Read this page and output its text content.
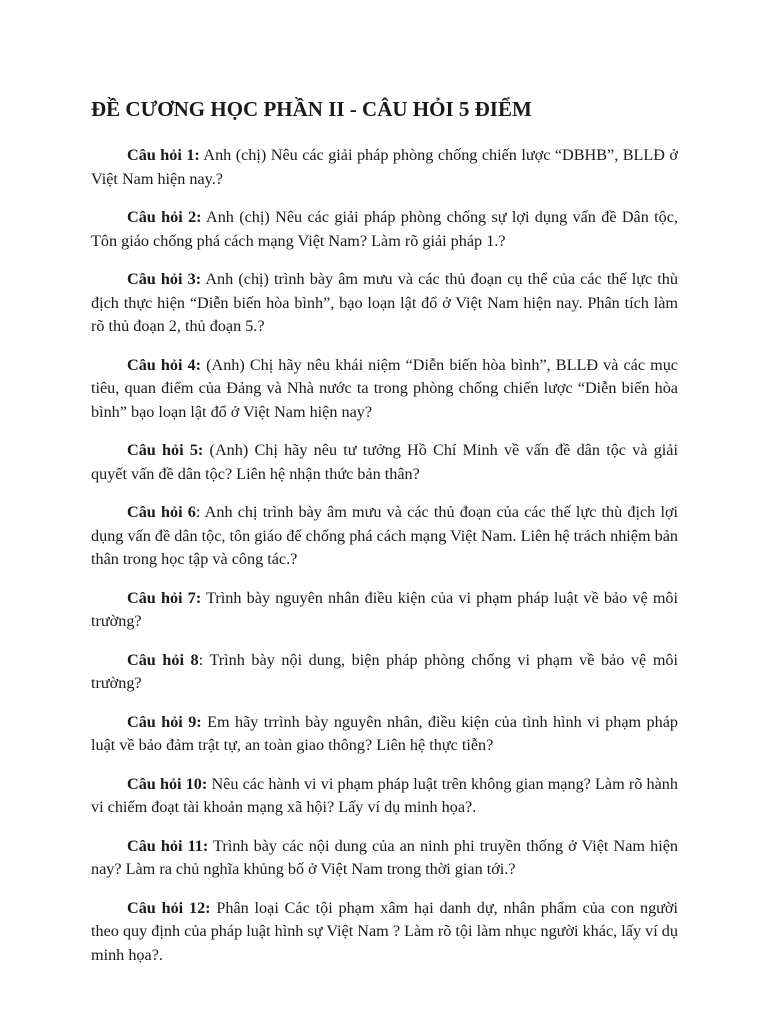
ĐỀ CƯƠNG HỌC PHẦN II - CÂU HỎI 5 ĐIỂM

Câu hỏi 1: Anh (chị) Nêu các giải pháp phòng chống chiến lược “DBHB”, BLLĐ ở Việt Nam hiện nay.?

Câu hỏi 2: Anh (chị) Nêu các giải pháp phòng chống sự lợi dụng vấn đề Dân tộc, Tôn giáo chống phá cách mạng Việt Nam? Làm rõ giải pháp 1.?

Câu hỏi 3: Anh (chị) trình bày âm mưu và các thủ đoạn cụ thể của các thế lực thù địch thực hiện “Diễn biến hòa bình”, bạo loạn lật đổ ở Việt Nam hiện nay. Phân tích làm rõ thủ đoạn 2, thủ đoạn 5.?

Câu hỏi 4: (Anh) Chị hãy nêu khái niệm “Diễn biến hòa bình”, BLLĐ và các mục tiêu, quan điểm của Đảng và Nhà nước ta trong phòng chống chiến lược “Diễn biến hòa bình” bạo loạn lật đổ ở Việt Nam hiện nay?

Câu hỏi 5: (Anh) Chị hãy nêu tư tưởng Hồ Chí Minh về vấn đề dân tộc và giải quyết vấn đề dân tộc? Liên hệ nhận thức bản thân?

Câu hỏi 6: Anh chị trình bày âm mưu và các thủ đoạn của các thế lực thù địch lợi dụng vấn đề dân tộc, tôn giáo để chống phá cách mạng Việt Nam. Liên hệ trách nhiệm bản thân trong học tập và công tác.?

Câu hỏi 7: Trình bày nguyên nhân điều kiện của vi phạm pháp luật về bảo vệ môi trường?

Câu hỏi 8: Trình bày nội dung, biện pháp phòng chống vi phạm về bảo vệ môi trường?

Câu hỏi 9: Em hãy trrình bày nguyên nhân, điều kiện của tình hình vi phạm pháp luật về bảo đảm trật tự, an toàn giao thông? Liên hệ thực tiễn?

Câu hỏi 10: Nêu các hành vi vi phạm pháp luật trên không gian mạng? Làm rõ hành vi chiếm đoạt tài khoản mạng xã hội? Lấy ví dụ minh họa?.

Câu hỏi 11: Trình bày các nội dung của an ninh phi truyền thống ở Việt Nam hiện nay? Làm ra chủ nghĩa khủng bố ở Việt Nam trong thời gian tới.?

Câu hỏi 12: Phân loại Các tội phạm xâm hại danh dự, nhân phẩm của con người theo quy định của pháp luật hình sự Việt Nam ? Làm rõ tội làm nhục người khác, lấy ví dụ minh họa?.
